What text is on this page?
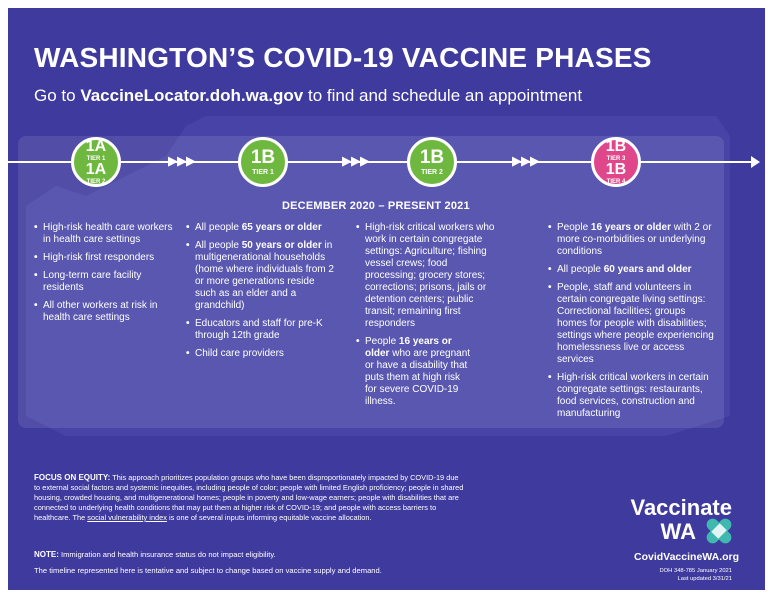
WASHINGTON’S COVID-19 VACCINE PHASES
Go to VaccineLocator.doh.wa.gov to find and schedule an appointment
▶▶▶	▶▶▶	▶▶▶
1A
TIER 1
1A
TIER 2
1B
TIER 1
1B
TIER 2
1B
TIER 3
1B
TIER 4
DECEMBER 2020 – PRESENT 2021
• High-risk health care workers in health care settings
• High-risk first responders
• Long-term care facility residents
• All other workers at risk in health care settings
• All people 65 years or older
• All people 50 years or older in multigenerational households (home where individuals from 2 or more generations reside such as an elder and a grandchild)
• Educators and staff for pre-K through 12th grade
• Child care providers
• High-risk critical workers who work in certain congregate settings: Agriculture; fishing vessel crews; food processing; grocery stores; corrections; prisons, jails or detention centers; public transit; remaining first responders
• People 16 years or older who are pregnant or have a disability that puts them at high risk for severe COVID-19 illness.
• People 16 years or older with 2 or more co-morbidities or underlying conditions
• All people 60 years and older
• People, staff and volunteers in certain congregate living settings: Correctional facilities; groups homes for people with disabilities; settings where people experiencing homelessness live or access services
• High-risk critical workers in certain congregate settings: restaurants, food services, construction and manufacturing
FOCUS ON EQUITY: This approach prioritizes population groups who have been disproportionately impacted by COVID-19 due to external social factors and systemic inequities, including people of color; people with limited English proficiency; people in shared housing, crowded housing, and multigenerational homes; people in poverty and low-wage earners; people with disabilities that are connected to underlying health conditions that may put them at higher risk of COVID-19; and people with access barriers to healthcare. The social vulnerability index is one of several inputs informing equitable vaccine allocation.
NOTE: Immigration and health insurance status do not impact eligibility.
The timeline represented here is tentative and subject to change based on vaccine supply and demand.
Vaccinate
WA
CovidVaccineWA.org
DOH 348-785 January 2021
Last updated 3/31/21
